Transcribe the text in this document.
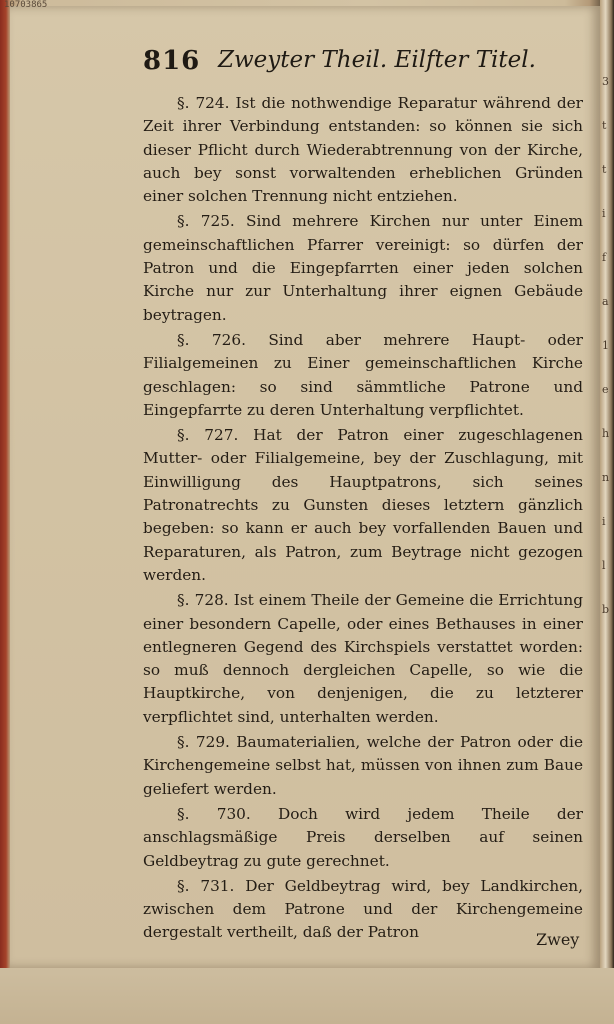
10703865
3
t
t
i
f
a
1
e
h
n
i
l
b
816 Zweyter Theil. Eilfter Titel.

§. 724. Ist die nothwendige Reparatur während der Zeit ihrer Verbindung entstanden: so können sie sich dieser Pflicht durch Wiederabtrennung von der Kirche, auch bey sonst vorwaltenden erheblichen Gründen einer solchen Trennung nicht entziehen.

§. 725. Sind mehrere Kirchen nur unter Einem gemeinschaftlichen Pfarrer vereinigt: so dürfen der Patron und die Eingepfarrten einer jeden solchen Kirche nur zur Unterhaltung ihrer eignen Gebäude beytragen.

§. 726. Sind aber mehrere Haupt- oder Filialgemeinen zu Einer gemeinschaftlichen Kirche geschlagen: so sind sämmtliche Patrone und Eingepfarrte zu deren Unterhaltung verpflichtet.

§. 727. Hat der Patron einer zugeschlagenen Mutter- oder Filialgemeine, bey der Zuschlagung, mit Einwilligung des Hauptpatrons, sich seines Patronatrechts zu Gunsten dieses letztern gänzlich begeben: so kann er auch bey vorfallenden Bauen und Reparaturen, als Patron, zum Beytrage nicht gezogen werden.

§. 728. Ist einem Theile der Gemeine die Errichtung einer besondern Capelle, oder eines Bethauses in einer entlegneren Gegend des Kirchspiels verstattet worden: so muß dennoch dergleichen Capelle, so wie die Hauptkirche, von denjenigen, die zu letzterer verpflichtet sind, unterhalten werden.

§. 729. Baumaterialien, welche der Patron oder die Kirchengemeine selbst hat, müssen von ihnen zum Baue geliefert werden.

§. 730. Doch wird jedem Theile der anschlagsmäßige Preis derselben auf seinen Geldbeytrag zu gute gerechnet.

§. 731. Der Geldbeytrag wird, bey Landkirchen, zwischen dem Patrone und der Kirchengemeine dergestalt vertheilt, daß der Patron	Zwey
